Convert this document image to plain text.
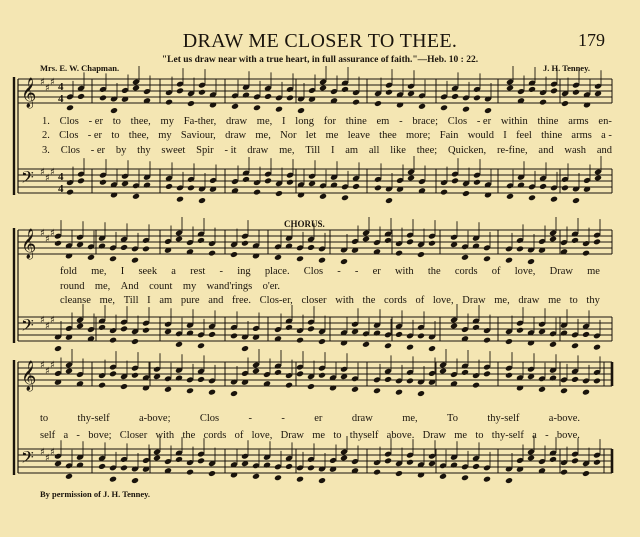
DRAW ME CLOSER TO THEE.	179
"Let us draw near with a true heart, in full assurance of faith."—Heb. 10 : 22.
Mrs. E. W. Chapman.	J. H. Tenney.
𝄞 ♯
♯
♯ 4
4
𝄢 ♯
♯
♯ 4
4
𝄞 ♯
♯
♯
𝄢 ♯
♯
♯
𝄞 ♯
♯
♯
𝄢 ♯
♯
♯
1. Clos - er to thee, my Fa-ther, draw me, I long for thine em - brace; Clos - er within thine arms en-
2. Clos - er to thee, my Saviour, draw me, Nor let me leave thee more; Fain would I feel thine arms a -
3. Clos - er by thy sweet Spir - it draw me, Till I am all like thee; Quicken, re-fine, and wash and
CHORUS.
fold me, I seek a rest - ing place. Clos - - er with the cords of love, Draw me
round me, And count my wand'rings o'er.
cleanse me, Till I am pure and free. Clos-er, closer with the cords of love, Draw me, draw me to thy
to	thy-self	a-bove;	Clos	-	-	er	draw	me,	To	thy-self	a-bove.
self a - bove; Closer with the cords of love, Draw me to thyself above. Draw me to thy-self a - bove.
By permission of J. H. Tenney.
